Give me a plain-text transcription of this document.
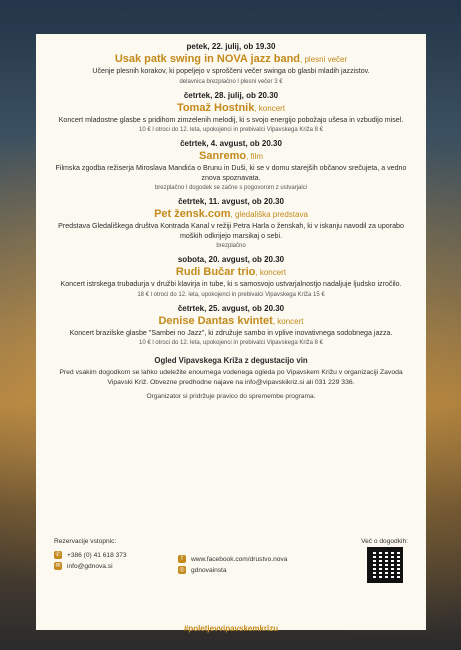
petek, 22. julij, ob 19.30
Usak patk swing in NOVA jazz band, plesni večer
Učenje plesnih korakov, ki popeljejo v sproščeni večer swinga ob glasbi mladih jazzistov.
delavnica brezplačno l plesni večer 3 €
četrtek, 28. julij, ob 20.30
Tomaž Hostnik, koncert
Koncert mladostne glasbe s pridihom zimzelenih melodij, ki s svojo energijo pobožajo ušesa in vzbudijo misel.
10 € l otroci do 12. leta, upokojenci in prebivalci Vipavskega Križa 8 €
četrtek, 4. avgust, ob 20.30
Sanremo, film
Filmska zgodba režiserja Miroslava Mandića o Brunu in Duši, ki se v domu starejših občanov srečujeta, a vedno znova spoznavata.
brezplačno l dogodek se začne s pogovorom z ustvarjalci
četrtek, 11. avgust, ob 20.30
Pet žensk.com, gledališka predstava
Predstava Gledališkega društva Kontrada Kanal v režiji Petra Harla o ženskah, ki v iskanju navodil za uporabo moških odkrijejo marsikaj o sebi.
brezplačno
sobota, 20. avgust, ob 20.30
Rudi Bučar trio, koncert
Koncert istrskega trubadurja v družbi klavirja in tube, ki s samosvojo ustvarjalnostjo nadaljuje ljudsko izročilo.
18 € l otroci do 12. leta, upokojenci in prebivalci Vipavskega Križa 15 €
četrtek, 25. avgust, ob 20.30
Denise Dantas kvintet, koncert
Koncert brazilske glasbe "Sambei no Jazz", ki združuje sambo in vplive inovativnega sodobnega jazza.
10 € l otroci do 12. leta, upokojenci in prebivalci Vipavskega Križa 8 €
Ogled Vipavskega Križa z degustacijo vin
Pred vsakim dogodkom se lahko udeležite enournega vodenega ogleda po Vipavskem Križu v organizaciji Zavoda Vipavski Križ. Obvezne predhodne najave na info@vipavskikriz.si ali 031 229 336.
Organizator si pridržuje pravico do spremembe programa.
Rezervacije vstopnic:
✆ +386 (0) 41 618 373
✉ info@gdnova.si
f	www.facebook.com/drustvo.nova
◎ gdnovainsta
Več o dogodkih:
#poletjevvipavskemkrizu
